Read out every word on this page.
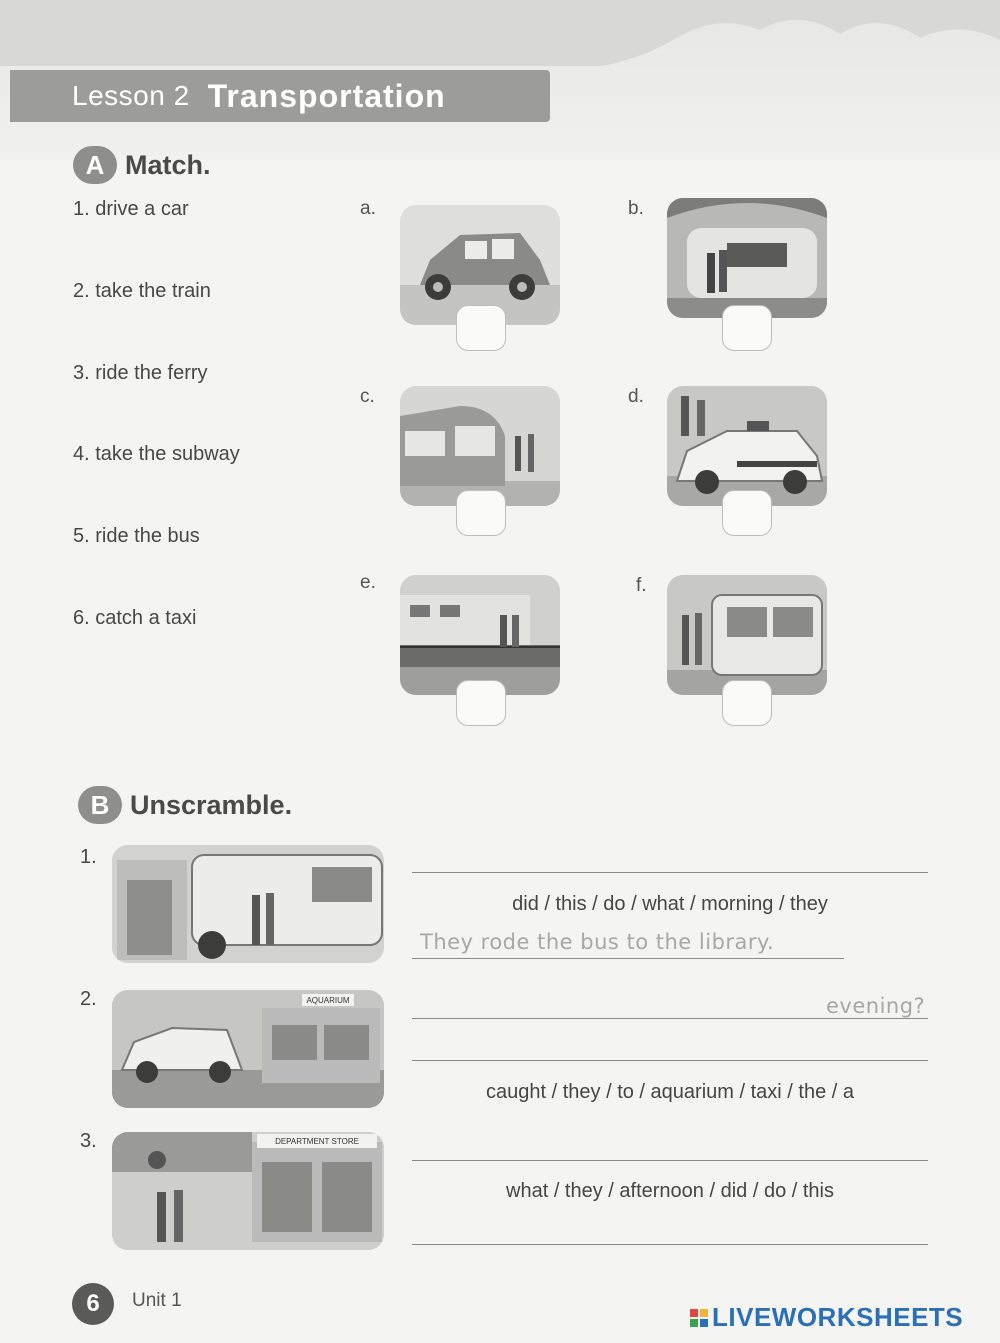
Lesson 2 Transportation
A Match.
1. drive a car
2. take the train
3. ride the ferry
4. take the subway
5. ride the bus
6. catch a taxi
a.	b.
c.	d.
e.	f.
B Unscramble.
1.
did / this / do / what / morning / they
They rode the bus to the library.
2.	AQUARIUM	evening?
caught / they / to / aquarium / taxi / the / a
3.	DEPARTMENT STORE
what / they / afternoon / did / do / this
6	Unit 1
LIVEWORKSHEETS
